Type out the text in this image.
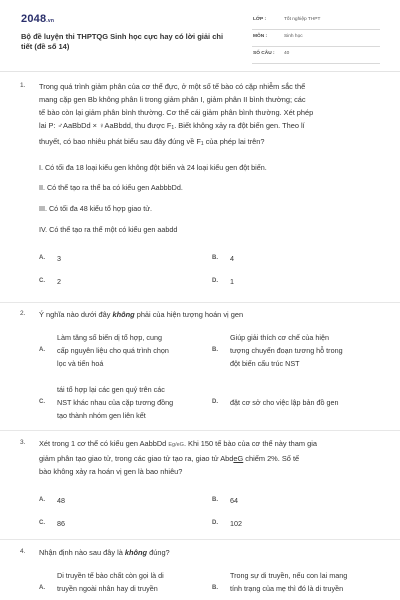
2048.vn
Bộ đề luyện thi THPTQG Sinh học cực hay có lời giải chi tiết (đề số 14)
LỚP :	Tốt nghiệp THPT
MÔN :	Sinh học
SỐ CÂU : 40
1. Trong quá trình giảm phân của cơ thể đực, ở một số tế bào có cặp nhiễm sắc thể
mang cặp gen Bb không phân li trong giảm phân I, giảm phân II bình thường; các
tế bào còn lại giảm phân bình thường. Cơ thể cái giảm phân bình thường. Xét phép
lai P: ♂AaBbDd × ♀AaBbdd, thu được $F_1$. Biết không xảy ra đột biến gen. Theo lí
thuyết, có bao nhiêu phát biểu sau đây đúng về $F_1$ của phép lai trên?
I. Có tối đa 18 loại kiểu gen không đột biến và 24 loại kiểu gen đột biến.
II. Có thể tạo ra thể ba có kiểu gen AabbbDd.
III. Có tối đa 48 kiểu tổ hợp giao tử.
IV. Có thể tạo ra thể một có kiểu gen aabdd
A. 3	B. 4
C. 2	D. 1
2. Ý nghĩa nào dưới đây không phải của hiện tượng hoán vị gen
A.
Làm tăng số biến dị tổ hợp, cung
cấp nguyên liệu cho quá trình chọn
lọc và tiến hoá
B.
Giúp giải thích cơ chế của hiện
tượng chuyển đoạn tương hỗ trong
đột biến cấu trúc NST
C.
tái tổ hợp lại các gen quý trên các
NST khác nhau của cặp tương đồng
tạo thành nhóm gen liên kết
D. đặt cơ sở cho việc lập bản đồ gen
3. Xét trong 1 cơ thể có kiểu gen AabbDd Eg/eG. Khi 150 tế bào của cơ thể này tham gia
giảm phân tạo giao tử, trong các giao tử tạo ra, giao tử AbdeG chiếm 2%. Số tế
bào không xảy ra hoán vị gen là bao nhiêu?
A. 48	B. 64
C. 86	D. 102
4. Nhận định nào sau đây là không đúng?
A.
Di truyền tế bào chất còn gọi là di
truyền ngoài nhân hay di truyền	B.
Trong sự di truyền, nếu con lai mang
tính trạng của mẹ thì đó là di truyền
